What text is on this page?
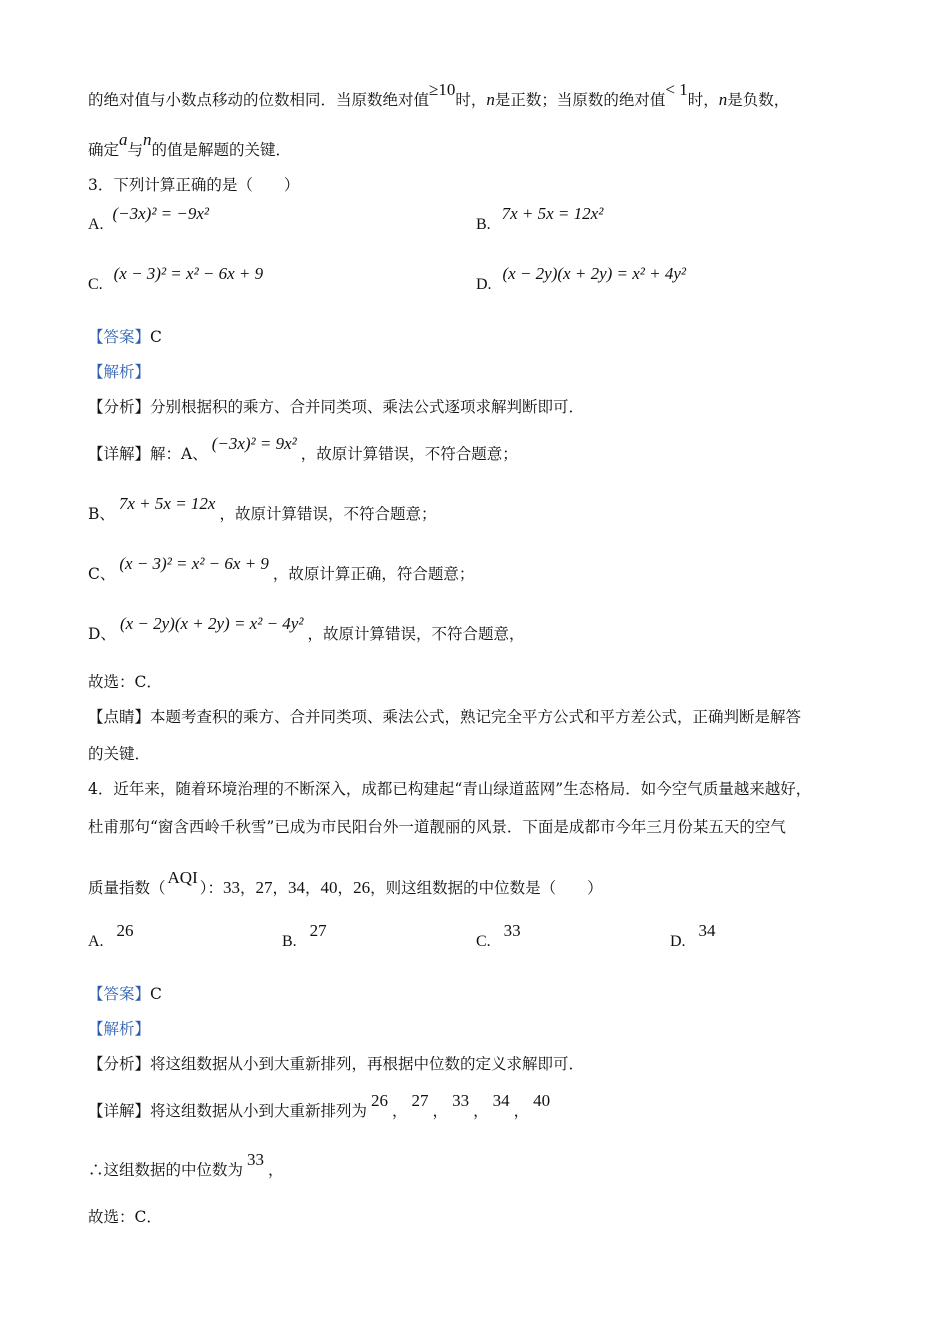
的绝对值与小数点移动的位数相同．当原数绝对值≥10时，n是正数；当原数的绝对值< 1时，n是负数，
确定a与n的值是解题的关键．
3．下列计算正确的是（　　）
A. (−3x)² = −9x²
B. 7x + 5x = 12x²
C. (x − 3)² = x² − 6x + 9
D. (x − 2y)(x + 2y) = x² + 4y²
【答案】C
【解析】
【分析】分别根据积的乘方、合并同类项、乘法公式逐项求解判断即可．
【详解】解：A、(−3x)² = 9x²，故原计算错误，不符合题意；
B、7x + 5x = 12x，故原计算错误，不符合题意；
C、(x − 3)² = x² − 6x + 9，故原计算正确，符合题意；
D、(x − 2y)(x + 2y) = x² − 4y²，故原计算错误，不符合题意，
故选：C．
【点睛】本题考查积的乘方、合并同类项、乘法公式，熟记完全平方公式和平方差公式，正确判断是解答
的关键．
4．近年来，随着环境治理的不断深入，成都已构建起“青山绿道蓝网”生态格局．如今空气质量越来越好，
杜甫那句“窗含西岭千秋雪”已成为市民阳台外一道靓丽的风景．下面是成都市今年三月份某五天的空气
质量指数（AQI）：33，27，34，40，26，则这组数据的中位数是（　　）
A. 26
B. 27
C. 33
D. 34
【答案】C
【解析】
【分析】将这组数据从小到大重新排列，再根据中位数的定义求解即可．
【详解】将这组数据从小到大重新排列为26，27，33，34，40
∴这组数据的中位数为33，
故选：C．
